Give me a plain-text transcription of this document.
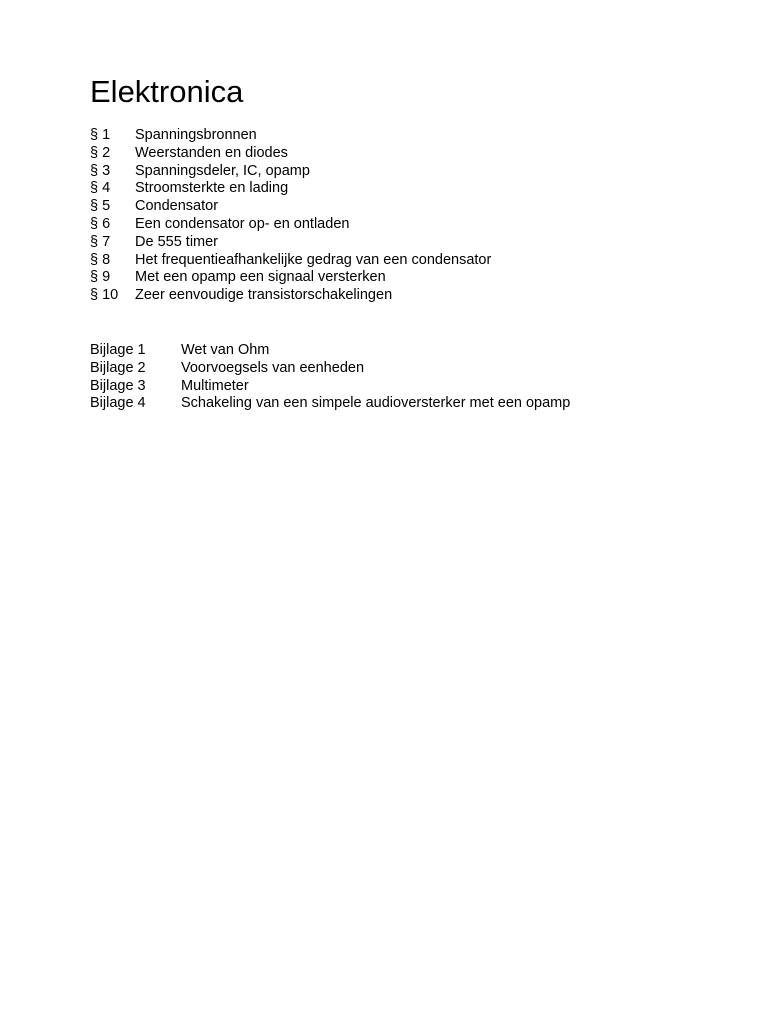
Elektronica
§ 1	Spanningsbronnen
§ 2	Weerstanden en diodes
§ 3	Spanningsdeler, IC, opamp
§ 4	Stroomsterkte en lading
§ 5	Condensator
§ 6	Een condensator op- en ontladen
§ 7	De 555 timer
§ 8	Het frequentieafhankelijke gedrag van een condensator
§ 9	Met een opamp een signaal versterken
§ 10	Zeer eenvoudige transistorschakelingen
Bijlage 1	Wet van Ohm
Bijlage 2	Voorvoegsels van eenheden
Bijlage 3	Multimeter
Bijlage 4	Schakeling van een simpele audioversterker met een opamp
